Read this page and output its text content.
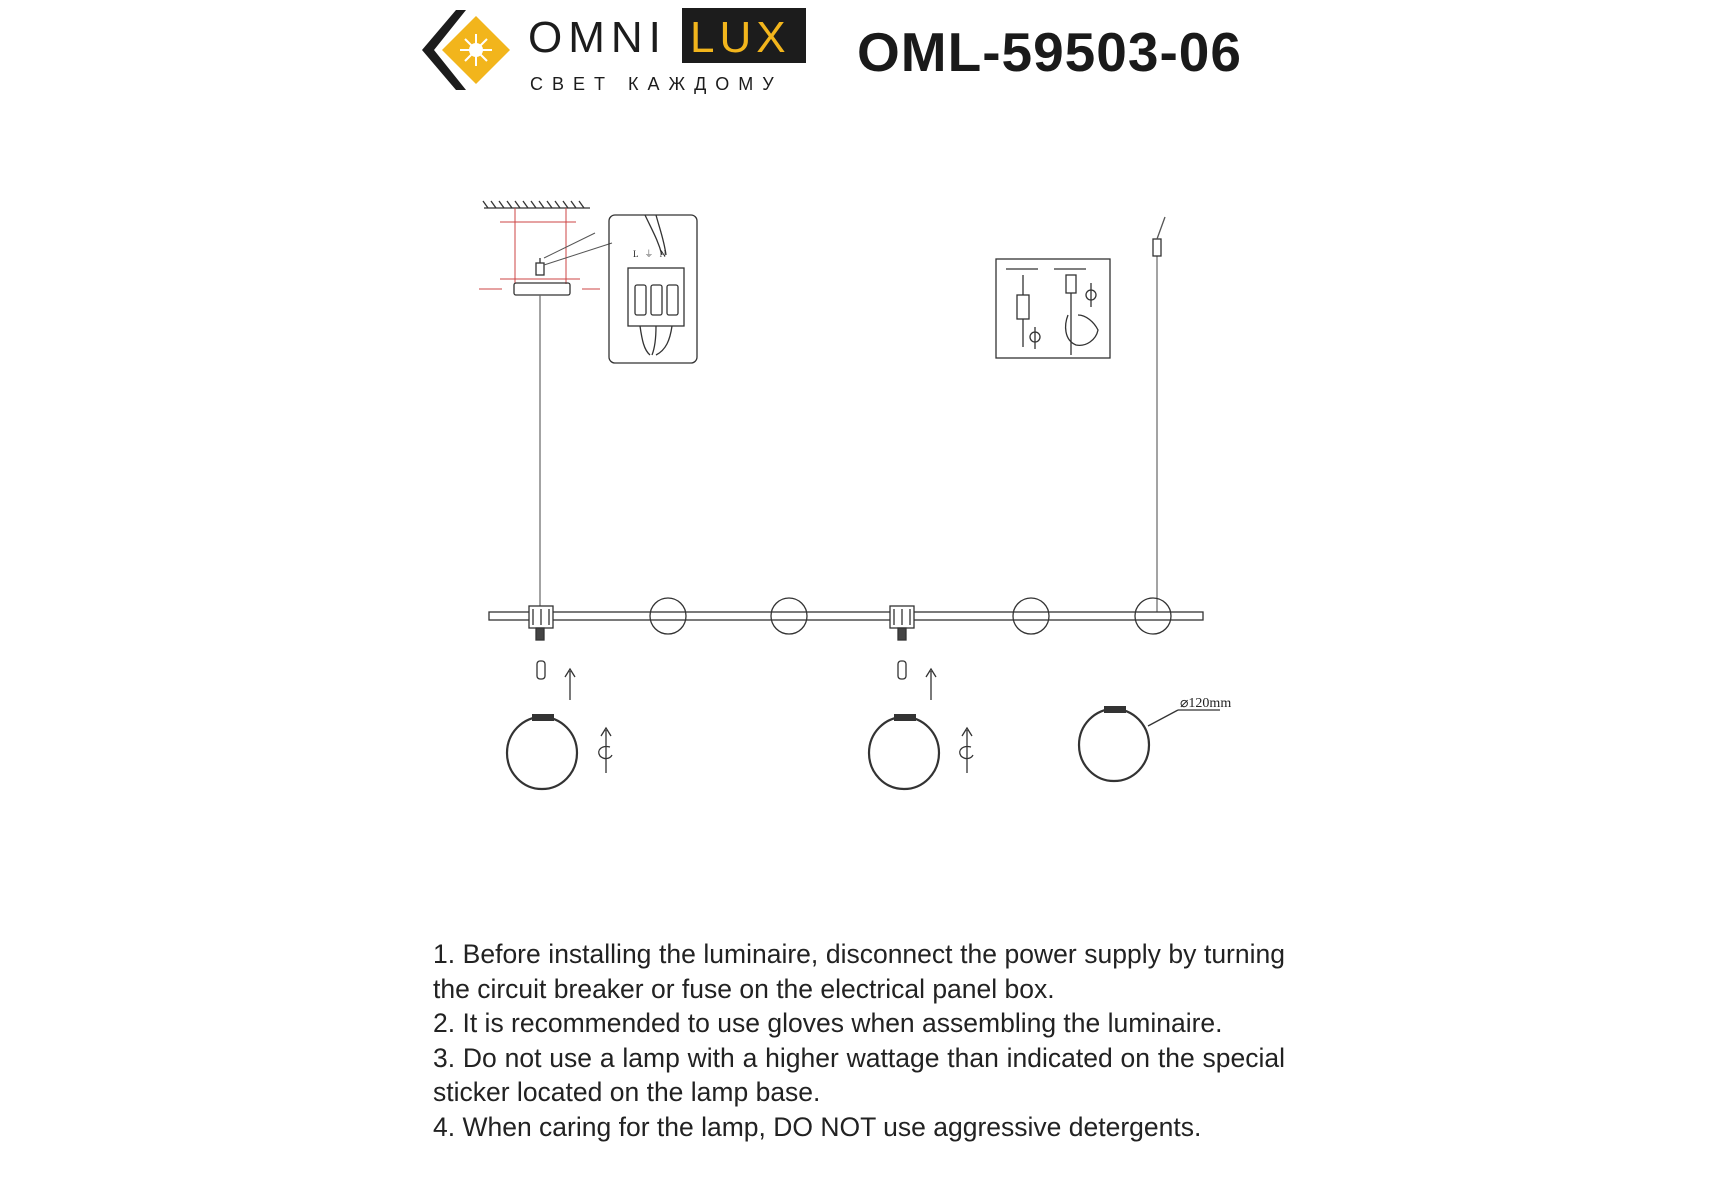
OMNI LUX
СВЕТ КАЖДОМУ
OML-59503-06
L ⏚ N
⌀120mm

1. Before installing the luminaire, disconnect the power supply by turning the circuit breaker or fuse on the electrical panel box.

2. It is recommended to use gloves when assembling the luminaire.

3. Do not use a lamp with a higher wattage than indicated on the special sticker located on the lamp base.

4. When caring for the lamp, DO NOT use aggressive detergents.
